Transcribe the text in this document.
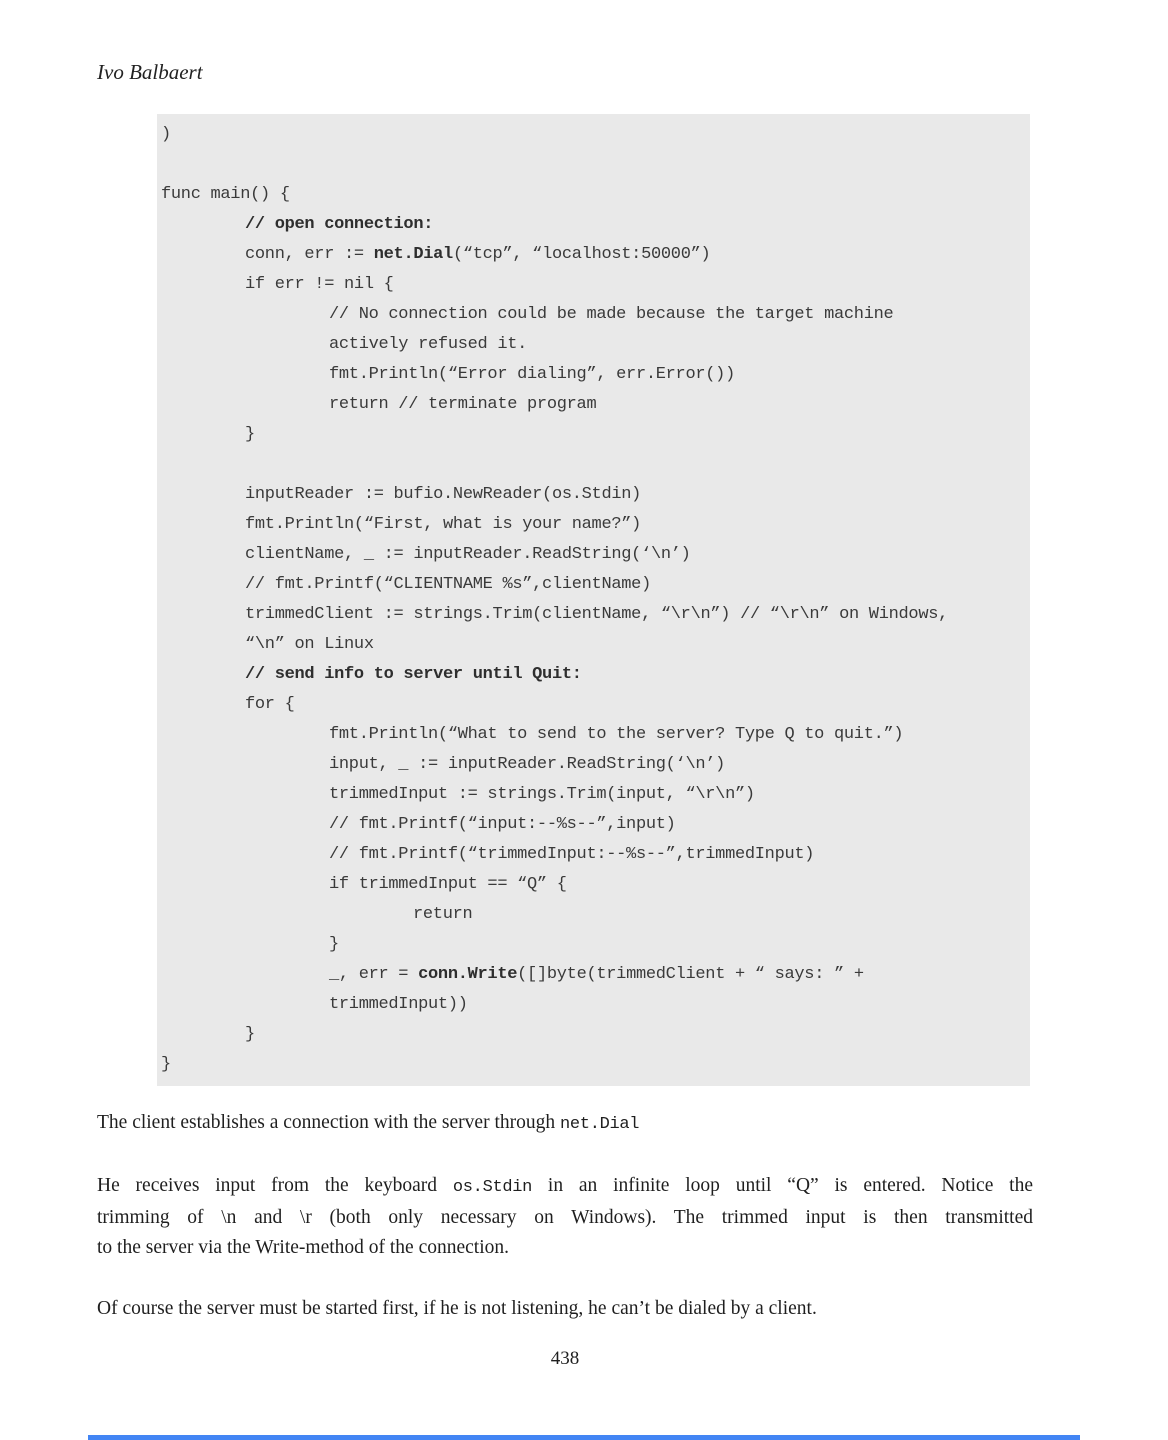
Ivo Balbaert
)

func main() {
// open connection:
conn, err := net.Dial(“tcp”, “localhost:50000”)
if err != nil {
// No connection could be made because the target machine
actively refused it.
fmt.Println(“Error dialing”, err.Error())
return // terminate program
}

inputReader := bufio.NewReader(os.Stdin)
fmt.Println(“First, what is your name?”)
clientName, _ := inputReader.ReadString(‘\n’)
// fmt.Printf(“CLIENTNAME %s”,clientName)
trimmedClient := strings.Trim(clientName, “\r\n”) // “\r\n” on Windows,
“\n” on Linux
// send info to server until Quit:
for {
fmt.Println(“What to send to the server? Type Q to quit.”)
input, _ := inputReader.ReadString(‘\n’)
trimmedInput := strings.Trim(input, “\r\n”)
// fmt.Printf(“input:--%s--”,input)
// fmt.Printf(“trimmedInput:--%s--”,trimmedInput)
if trimmedInput == “Q” {
return
}
_, err = conn.Write([]byte(trimmedClient + “ says: ” +
trimmedInput))
}
}
The client establishes a connection with the server through net.Dial
He receives input from the keyboard os.Stdin in an infinite loop until “Q” is entered. Notice the
trimming of \n and \r (both only necessary on Windows). The trimmed input is then transmitted
to the server via the Write-method of the connection.
Of course the server must be started first, if he is not listening, he can’t be dialed by a client.
438
